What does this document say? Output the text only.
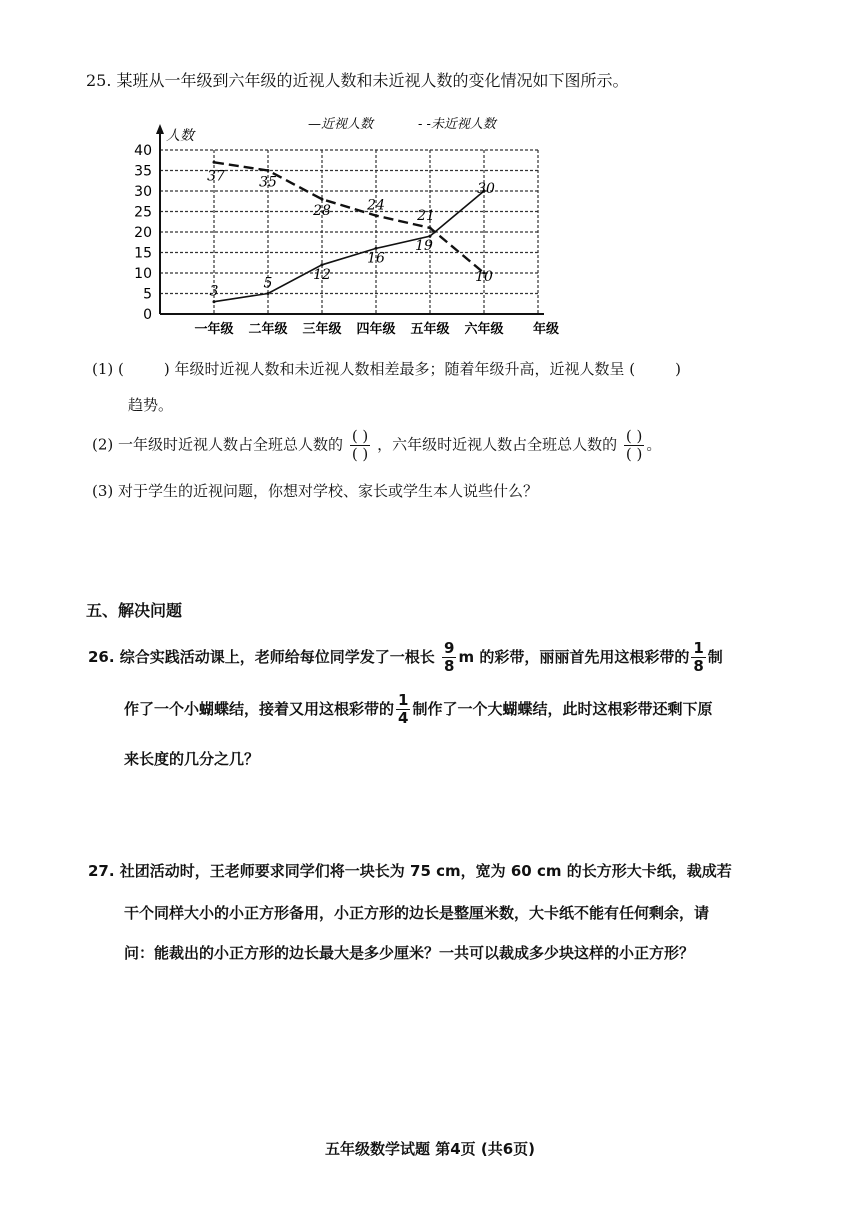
25. 某班从一年级到六年级的近视人数和未近视人数的变化情况如下图所示。
人数
0
5
10
15
20
25
30
35
40
一年级 二年级 三年级 四年级 五年级 六年级 年级
—近视人数	- -未近视人数
3
5
12
16
19
30
37 35
28	24
21
10
(1) (	) 年级时近视人数和未近视人数相差最多；随着年级升高，近视人数呈 (	)
趋势。
(2) 一年级时近视人数占全班总人数的 $\frac{( )}{( )}$ ，六年级时近视人数占全班总人数的 $\frac{( )}{( )}$ 。
(3) 对于学生的近视问题，你想对学校、家长或学生本人说些什么？
五、解决问题
26. 综合实践活动课上，老师给每位同学发了一根长 $\frac{9}{8}$ m 的彩带，丽丽首先用这根彩带的 $\frac{1}{8}$ 制
作了一个小蝴蝶结，接着又用这根彩带的 $\frac{1}{4}$ 制作了一个大蝴蝶结，此时这根彩带还剩下原
来长度的几分之几？
27. 社团活动时，王老师要求同学们将一块长为 75 cm，宽为 60 cm 的长方形大卡纸，裁成若
干个同样大小的小正方形备用，小正方形的边长是整厘米数，大卡纸不能有任何剩余，请
问：能裁出的小正方形的边长最大是多少厘米？一共可以裁成多少块这样的小正方形？
五年级数学试题 第4页 (共6页)
